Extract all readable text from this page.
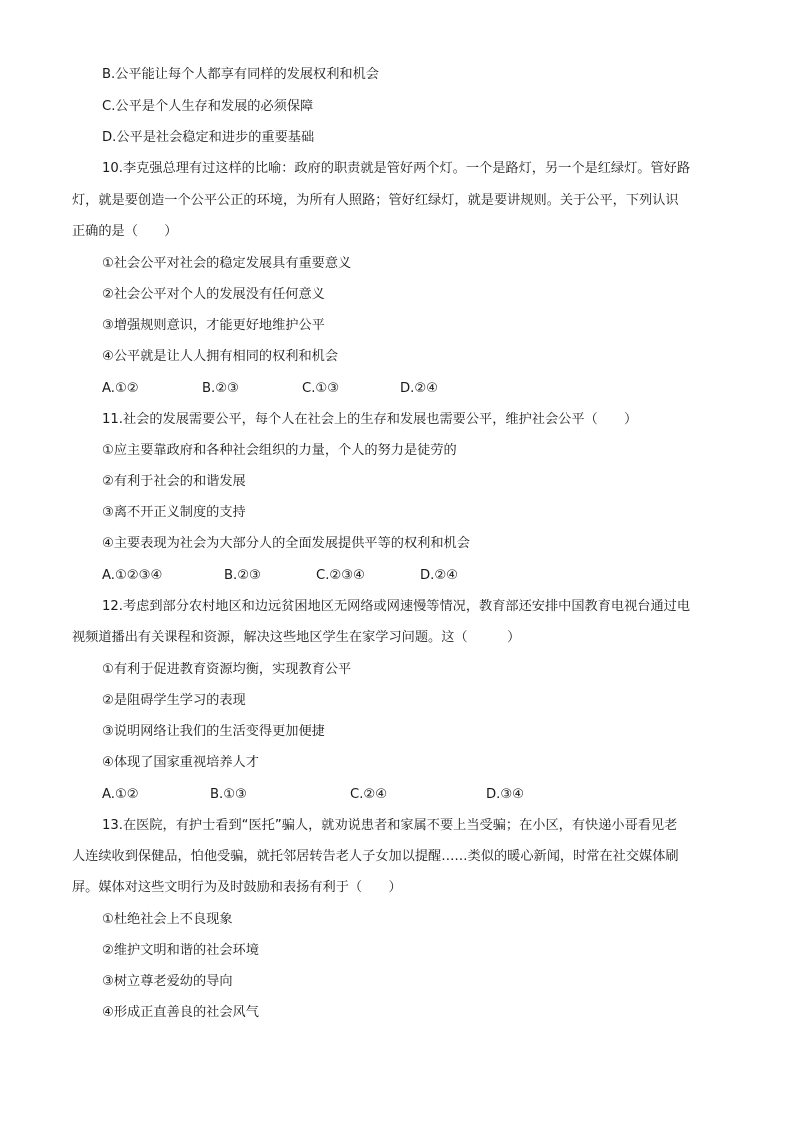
B.公平能让每个人都享有同样的发展权利和机会
C.公平是个人生存和发展的必须保障
D.公平是社会稳定和进步的重要基础
10.李克强总理有过这样的比喻：政府的职责就是管好两个灯。一个是路灯，另一个是红绿灯。管好路
灯，就是要创造一个公平公正的环境，为所有人照路；管好红绿灯，就是要讲规则。关于公平，下列认识
正确的是（　　）
①社会公平对社会的稳定发展具有重要意义
②社会公平对个人的发展没有任何意义
③增强规则意识，才能更好地维护公平
④公平就是让人人拥有相同的权利和机会
A.①②	B.②③	C.①③	D.②④
11.社会的发展需要公平，每个人在社会上的生存和发展也需要公平，维护社会公平（　　）
①应主要靠政府和各种社会组织的力量，个人的努力是徒劳的
②有利于社会的和谐发展
③离不开正义制度的支持
④主要表现为社会为大部分人的全面发展提供平等的权利和机会
A.①②③④	B.②③	C.②③④	D.②④
12.考虑到部分农村地区和边远贫困地区无网络或网速慢等情况，教育部还安排中国教育电视台通过电
视频道播出有关课程和资源，解决这些地区学生在家学习问题。这（　　　）
①有利于促进教育资源均衡，实现教育公平
②是阻碍学生学习的表现
③说明网络让我们的生活变得更加便捷
④体现了国家重视培养人才
A.①②	B.①③	C.②④	D.③④
13.在医院，有护士看到“医托”骗人，就劝说患者和家属不要上当受骗；在小区，有快递小哥看见老
人连续收到保健品，怕他受骗，就托邻居转告老人子女加以提醒……类似的暖心新闻，时常在社交媒体刷
屏。媒体对这些文明行为及时鼓励和表扬有利于（　　）
①杜绝社会上不良现象
②维护文明和谐的社会环境
③树立尊老爱幼的导向
④形成正直善良的社会风气
